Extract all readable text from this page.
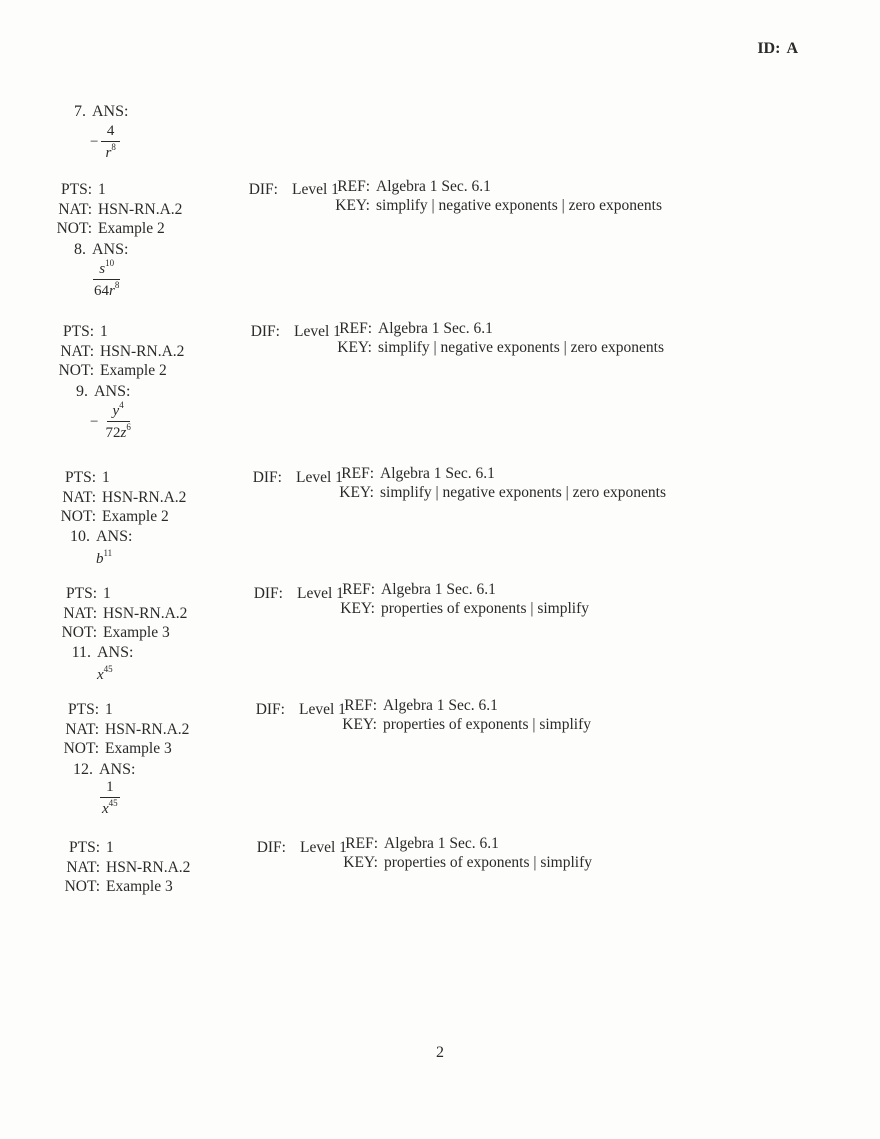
ID: A
7. ANS:
− $\frac{4}{r^8}$
PTS: 1	DIF: Level 1
NAT: HSN-RN.A.2
NOT: Example 2
REF: Algebra 1 Sec. 6.1
KEY: simplify | negative exponents | zero exponents
8. ANS:
$\frac{s^{10}}{64r^8}$
PTS: 1	DIF: Level 1
NAT: HSN-RN.A.2
NOT: Example 2
REF: Algebra 1 Sec. 6.1
KEY: simplify | negative exponents | zero exponents
9. ANS:
− $\frac{y^4}{72z^6}$
PTS: 1	DIF: Level 1
NAT: HSN-RN.A.2
NOT: Example 2
REF: Algebra 1 Sec. 6.1
KEY: simplify | negative exponents | zero exponents
10. ANS:
$b^{11}$
PTS: 1	DIF: Level 1
NAT: HSN-RN.A.2
NOT: Example 3
REF: Algebra 1 Sec. 6.1
KEY: properties of exponents | simplify
11. ANS:
$x^{45}$
PTS: 1	DIF: Level 1
NAT: HSN-RN.A.2
NOT: Example 3
REF: Algebra 1 Sec. 6.1
KEY: properties of exponents | simplify
12. ANS:
$\frac{1}{x^{45}}$
PTS: 1	DIF: Level 1
NAT: HSN-RN.A.2
NOT: Example 3
REF: Algebra 1 Sec. 6.1
KEY: properties of exponents | simplify
2
